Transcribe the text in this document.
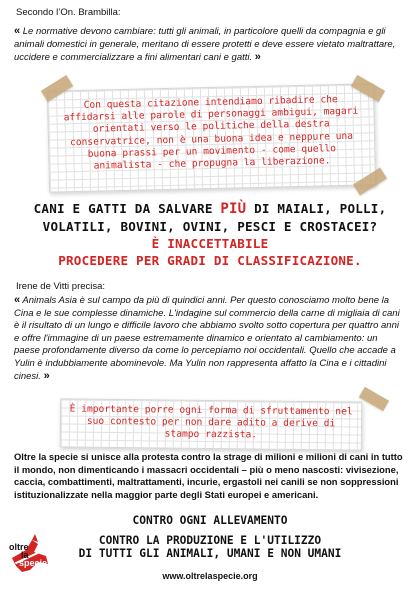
Secondo l’On. Brambilla:
« Le normative devono cambiare: tutti gli animali, in particolore quelli da compagnia e gli animali domestici in generale, meritano di essere protetti e deve essere vietato maltrattare, uccidere e commercializzare a fini alimentari cani e gatti. »
Con questa citazione intendiamo ribadire che affidarsi alle parole di personaggi ambigui, magari orientati verso le politiche della destra conservatrice, non è una buona idea e neppure una buona prassi per un movimento - come quello animalista - che propugna la liberazione.
CANI E GATTI DA SALVARE PIÙ DI MAIALI, POLLI,
VOLATILI, BOVINI, OVINI, PESCI E CROSTACEI?
È INACCETTABILE
PROCEDERE PER GRADI DI CLASSIFICAZIONE.
Irene de Vitti precisa:
« Animals Asia è sul campo da più di quindici anni. Per questo conosciamo molto bene la Cina e le sue complesse dinamiche. L'indagine sul commercio della carne di migliaia di cani è il risultato di un lungo e difficile lavoro che abbiamo svolto sotto copertura per quattro anni e offre l'immagine di un paese estremamente dinamico e orientato al cambiamento: un paese profondamente diverso da come lo percepiamo noi occidentali. Quello che accade a Yulin è indubbiamente abominevole. Ma Yulin non rappresenta affatto la Cina e i cittadini cinesi. »
È importante porre ogni forma di sfruttamento nel suo contesto per non dare adito a derive di stampo razzista.
Oltre la specie si unisce alla protesta contro la strage di milioni e milioni di cani in tutto il mondo, non dimenticando i massacri occidentali – più o meno nascosti: vivisezione, caccia, combattimenti, maltrattamenti, incurie, ergastoli nei canili se non soppressioni istituzionalizzate nella maggior parte degli Stati europei e americani.
CONTRO OGNI ALLEVAMENTO
CONTRO LA PRODUZIONE E L'UTILIZZO
DI TUTTI GLI ANIMALI, UMANI E NON UMANI
oltre
la
specie
www.oltrelaspecie.org
